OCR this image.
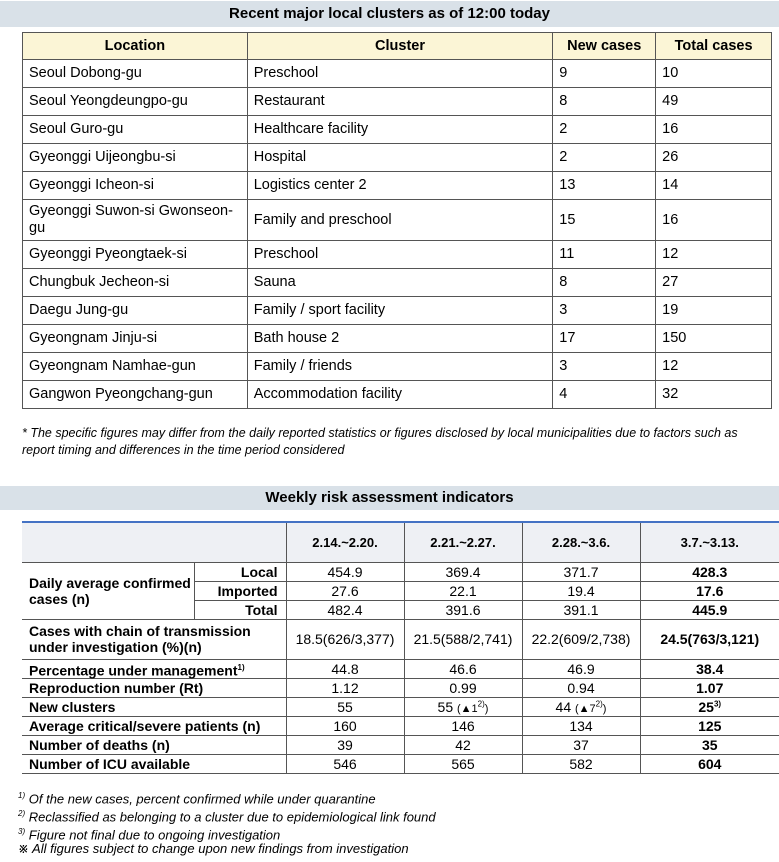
Recent major local clusters as of 12:00 today
Location	Cluster	New cases	Total cases
Seoul Dobong-gu	Preschool	9	10
Seoul Yeongdeungpo-gu	Restaurant	8	49
Seoul Guro-gu	Healthcare facility	2	16
Gyeonggi Uijeongbu-si	Hospital	2	26
Gyeonggi Icheon-si	Logistics center 2	13	14
Gyeonggi Suwon-si Gwonseon-gu	Family and preschool	15	16
Gyeonggi Pyeongtaek-si	Preschool	11	12
Chungbuk Jecheon-si	Sauna	8	27
Daegu Jung-gu	Family / sport facility	3	19
Gyeongnam Jinju-si	Bath house 2	17	150
Gyeongnam Namhae-gun	Family / friends	3	12
Gangwon Pyeongchang-gun	Accommodation facility	4	32
* The specific figures may differ from the daily reported statistics or figures disclosed by local municipalities due to factors such as report timing and differences in the time period considered
Weekly risk assessment indicators
		2.14.~2.20.	2.21.~2.27.	2.28.~3.6.	3.7.~3.13.
Daily average confirmed cases (n)	Local	454.9	369.4	371.7	428.3
	Imported	27.6	22.1	19.4	17.6
	Total	482.4	391.6	391.1	445.9
Cases with chain of transmission under investigation (%)(n)		18.5(626/3,377)	21.5(588/2,741)	22.2(609/2,738)	24.5(763/3,121)
Percentage under management$^{1)}$		44.8	46.6	46.9	38.4
Reproduction number (Rt)		1.12	0.99	0.94	1.07
New clusters		55	55 (▲1$^{2)}$)	44 (▲7$^{2)}$)	25$^{3)}$
Average critical/severe patients (n)		160	146	134	125
Number of deaths (n)		39	42	37	35
Number of ICU available		546	565	582	604
$^{1)}$ Of the new cases, percent confirmed while under quarantine
$^{2)}$ Reclassified as belonging to a cluster due to epidemiological link found
$^{3)}$ Figure not final due to ongoing investigation
※ All figures subject to change upon new findings from investigation
